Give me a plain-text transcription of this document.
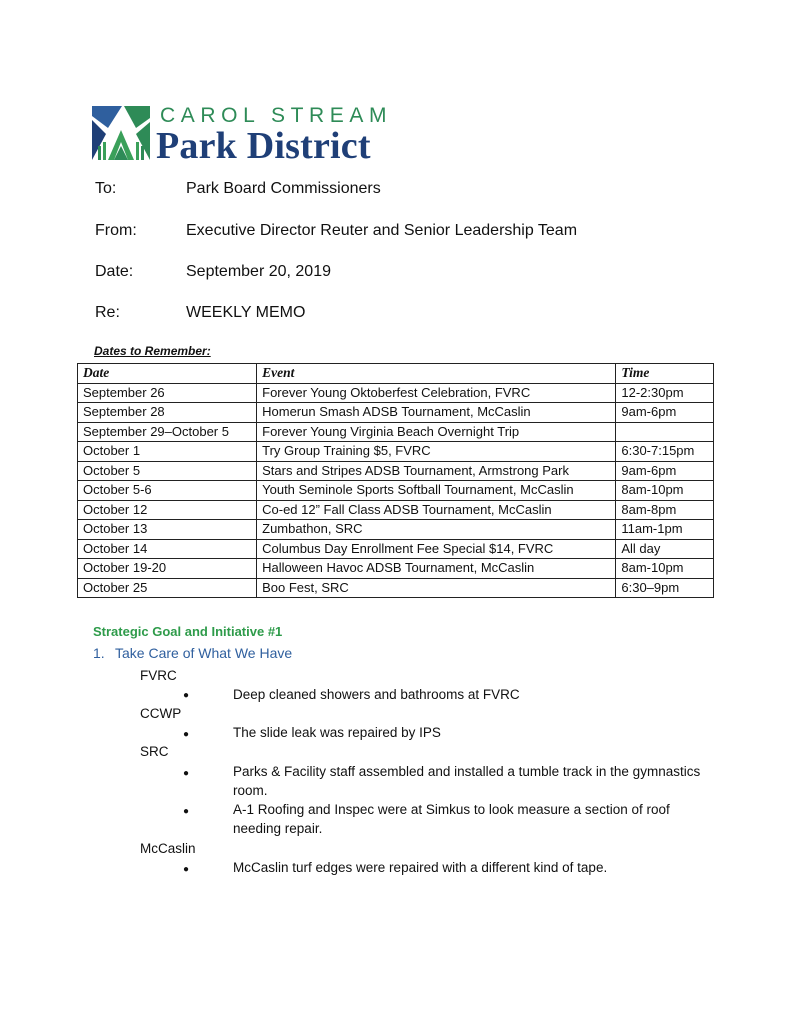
CAROL STREAM
Park District
To:	Park Board Commissioners
From:	Executive Director Reuter and Senior Leadership Team
Date:	September 20, 2019
Re:	WEEKLY MEMO
Dates to Remember:
Date	Event	Time
September 26	Forever Young Oktoberfest Celebration, FVRC	12-2:30pm
September 28	Homerun Smash ADSB Tournament, McCaslin	9am-6pm
September 29–October 5	Forever Young Virginia Beach Overnight Trip	
October 1	Try Group Training $5, FVRC	6:30-7:15pm
October 5	Stars and Stripes ADSB Tournament, Armstrong Park	9am-6pm
October 5-6	Youth Seminole Sports Softball Tournament, McCaslin	8am-10pm
October 12	Co-ed 12” Fall Class ADSB Tournament, McCaslin	8am-8pm
October 13	Zumbathon, SRC	11am-1pm
October 14	Columbus Day Enrollment Fee Special $14, FVRC	All day
October 19-20	Halloween Havoc ADSB Tournament, McCaslin	8am-10pm
October 25	Boo Fest, SRC	6:30–9pm
Strategic Goal and Initiative #1
1. Take Care of What We Have
FVRC
●	Deep cleaned showers and bathrooms at FVRC
CCWP
●	The slide leak was repaired by IPS
SRC
●	Parks & Facility staff assembled and installed a tumble track in the gymnastics room.
●	A-1 Roofing and Inspec were at Simkus to look measure a section of roof needing repair.
McCaslin
●	McCaslin turf edges were repaired with a different kind of tape.
